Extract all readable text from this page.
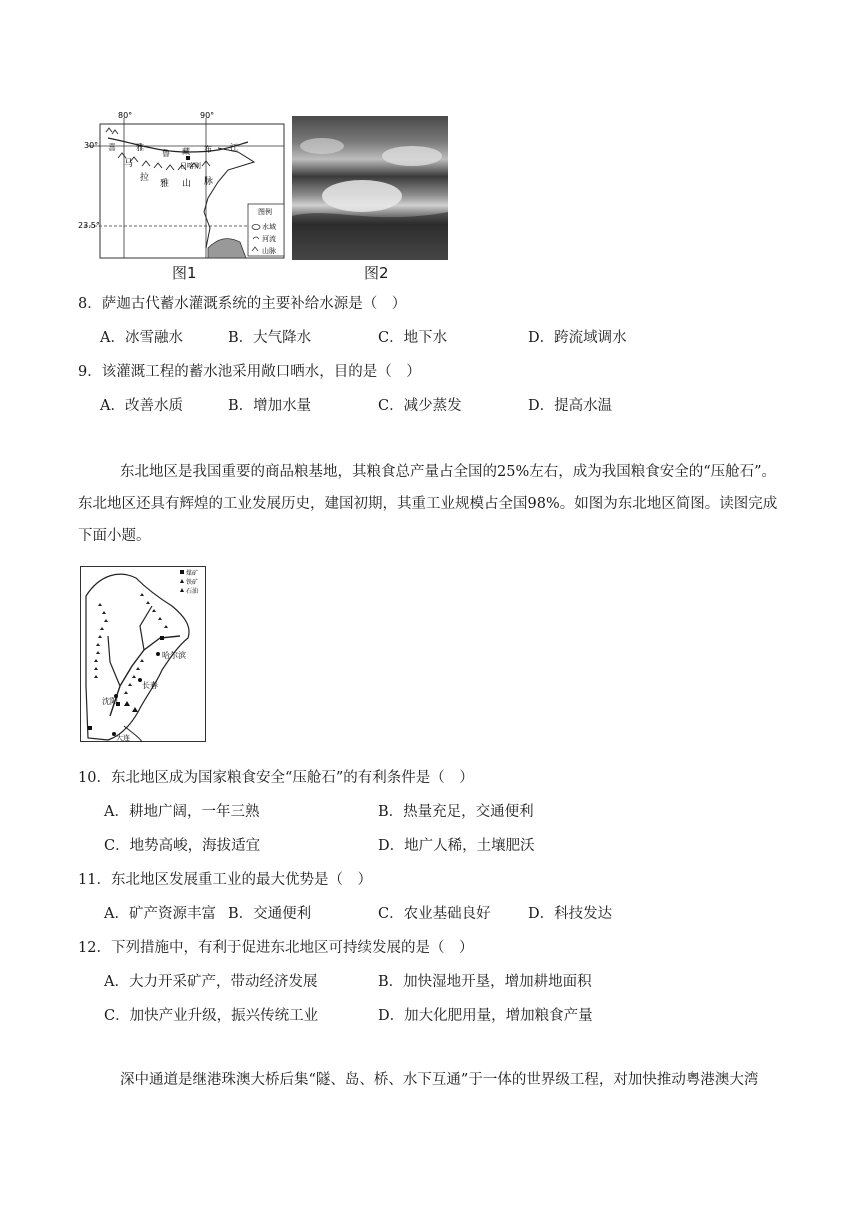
80°	90°
30°
23.5°
雅
鲁 藏 布 江
喜
马
拉
雅 山 脉
日喀则
图例
水域
河流
山脉
图1	图2
8．萨迦古代蓄水灌溉系统的主要补给水源是（　）
A．冰雪融水	B．大气降水	C．地下水	D．跨流域调水
9．该灌溉工程的蓄水池采用敞口晒水，目的是（　）
A．改善水质	B．增加水量	C．减少蒸发	D．提高水温
东北地区是我国重要的商品粮基地，其粮食总产量占全国的25%左右，成为我国粮食安全的“压舱石”。东北地区还具有辉煌的工业发展历史，建国初期，其重工业规模占全国98%。如图为东北地区简图。读图完成下面小题。
煤矿
铁矿
石油
哈尔滨
长春
沈阳
大连
10．东北地区成为国家粮食安全“压舱石”的有利条件是（　）
A．耕地广阔，一年三熟	B．热量充足，交通便利
C．地势高峻，海拔适宜	D．地广人稀，土壤肥沃
11．东北地区发展重工业的最大优势是（　）
A．矿产资源丰富 B．交通便利	C．农业基础良好	D．科技发达
12．下列措施中，有利于促进东北地区可持续发展的是（　）
A．大力开采矿产，带动经济发展	B．加快湿地开垦，增加耕地面积
C．加快产业升级，振兴传统工业	D．加大化肥用量，增加粮食产量
深中通道是继港珠澳大桥后集“隧、岛、桥、水下互通”于一体的世界级工程，对加快推动粤港澳大湾
